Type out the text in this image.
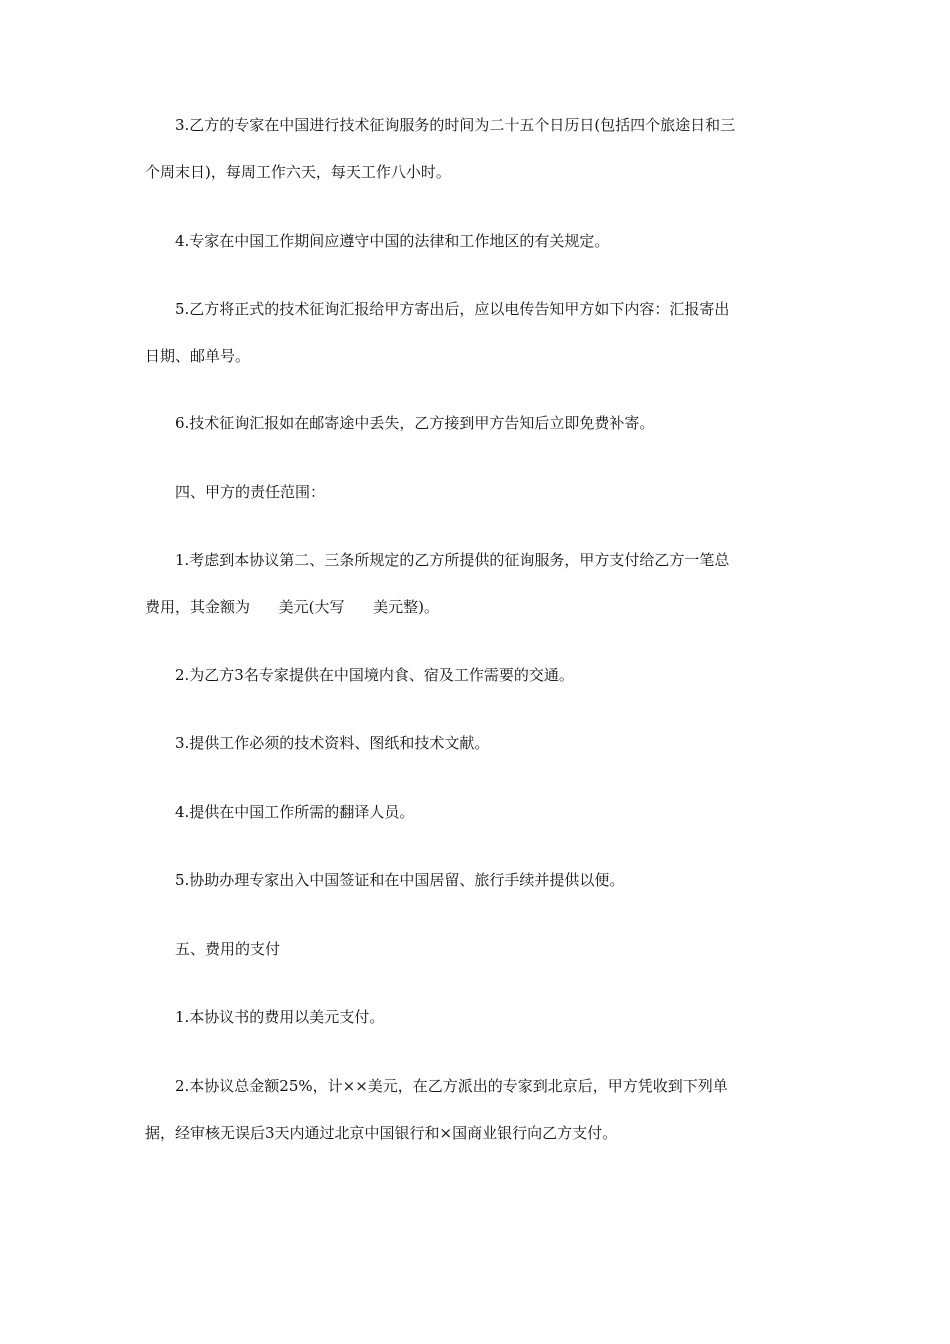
3.乙方的专家在中国进行技术征询服务的时间为二十五个日历日(包括四个旅途日和三
个周末日)，每周工作六天，每天工作八小时。
4.专家在中国工作期间应遵守中国的法律和工作地区的有关规定。
5.乙方将正式的技术征询汇报给甲方寄出后，应以电传告知甲方如下内容：汇报寄出
日期、邮单号。
6.技术征询汇报如在邮寄途中丢失，乙方接到甲方告知后立即免费补寄。
四、甲方的责任范围：
1.考虑到本协议第二、三条所规定的乙方所提供的征询服务，甲方支付给乙方一笔总
费用，其金额为      美元(大写      美元整)。
2.为乙方3名专家提供在中国境内食、宿及工作需要的交通。
3.提供工作必须的技术资料、图纸和技术文献。
4.提供在中国工作所需的翻译人员。
5.协助办理专家出入中国签证和在中国居留、旅行手续并提供以便。
五、费用的支付
1.本协议书的费用以美元支付。
2.本协议总金额25%，计××美元，在乙方派出的专家到北京后，甲方凭收到下列单
据，经审核无误后3天内通过北京中国银行和×国商业银行向乙方支付。
